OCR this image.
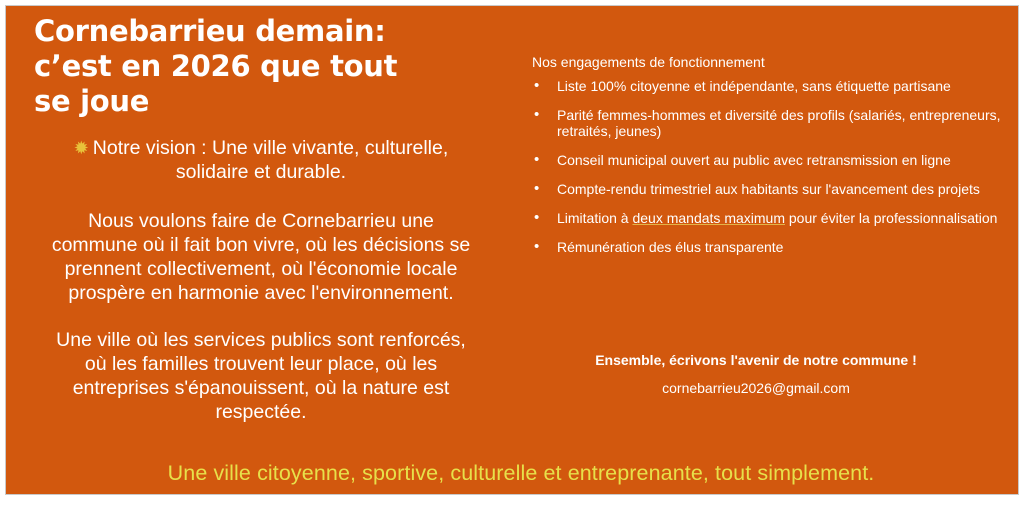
Cornebarrieu demain:
c’est en 2026 que tout
se joue
✹ Notre vision : Une ville vivante, culturelle,
solidaire et durable.
Nous voulons faire de Cornebarrieu une
commune où il fait bon vivre, où les décisions se
prennent collectivement, où l'économie locale
prospère en harmonie avec l'environnement.
Une ville où les services publics sont renforcés,
où les familles trouvent leur place, où les
entreprises s'épanouissent, où la nature est
respectée.
Nos engagements de fonctionnement
• Liste 100% citoyenne et indépendante, sans étiquette partisane
• Parité femmes-hommes et diversité des profils (salariés, entrepreneurs, retraités, jeunes)
• Conseil municipal ouvert au public avec retransmission en ligne
• Compte-rendu trimestriel aux habitants sur l'avancement des projets
• Limitation à deux mandats maximum pour éviter la professionnalisation
• Rémunération des élus transparente
Ensemble, écrivons l'avenir de notre commune !
cornebarrieu2026@gmail.com
Une ville citoyenne, sportive, culturelle et entreprenante, tout simplement.
